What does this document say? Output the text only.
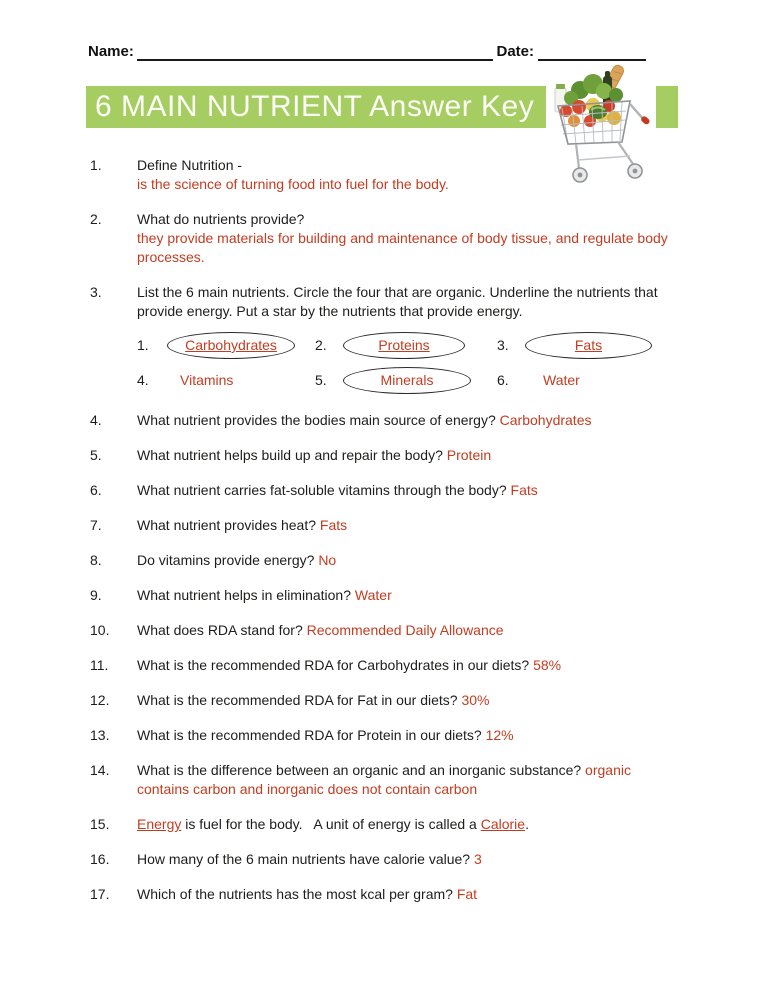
Name:	Date:
6 MAIN NUTRIENT Answer Key
1.	Define Nutrition -
is the science of turning food into fuel for the body.
2.	What do nutrients provide?
they provide materials for building and maintenance of body tissue, and regulate body processes.
3.	List the 6 main nutrients. Circle the four that are organic. Underline the nutrients that provide energy. Put a star by the nutrients that provide energy.
1.	Carbohydrates	2.	Proteins	3.	Fats
4.	Vitamins	5.	Minerals	6.	Water
4.	What nutrient provides the bodies main source of energy? Carbohydrates
5.	What nutrient helps build up and repair the body? Protein
6.	What nutrient carries fat-soluble vitamins through the body? Fats
7.	What nutrient provides heat? Fats
8.	Do vitamins provide energy? No
9.	What nutrient helps in elimination? Water
10.	What does RDA stand for? Recommended Daily Allowance
11.	What is the recommended RDA for Carbohydrates in our diets? 58%
12.	What is the recommended RDA for Fat in our diets? 30%
13.	What is the recommended RDA for Protein in our diets? 12%
14.	What is the difference between an organic and an inorganic substance? organic contains carbon and inorganic does not contain carbon
15.	Energy is fuel for the body.   A unit of energy is called a Calorie.
16.	How many of the 6 main nutrients have calorie value? 3
17.	Which of the nutrients has the most kcal per gram? Fat
